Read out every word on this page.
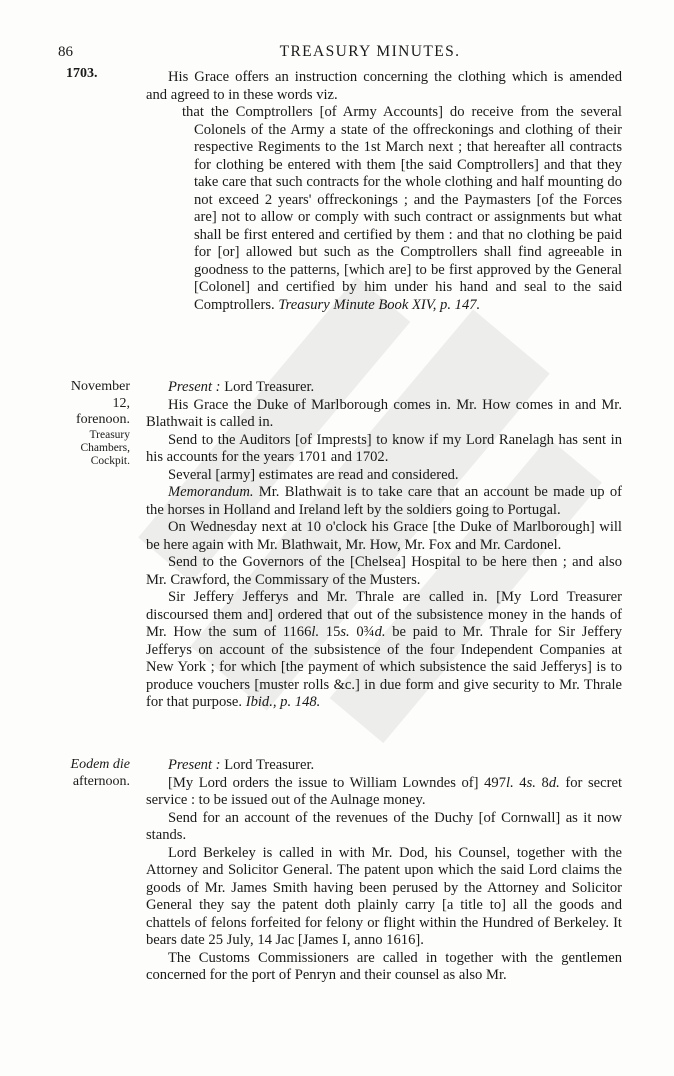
86	TREASURY MINUTES.
1703.	His Grace offers an instruction concerning the clothing which is amended and agreed to in these words viz.

that the Comptrollers [of Army Accounts] do receive from the several Colonels of the Army a state of the offreckonings and clothing of their respective Regiments to the 1st March next ; that hereafter all contracts for clothing be entered with them [the said Comptrollers] and that they take care that such contracts for the whole clothing and half mounting do not exceed 2 years' offreckonings ; and the Paymasters [of the Forces are] not to allow or comply with such contract or assignments but what shall be first entered and certified by them : and that no clothing be paid for [or] allowed but such as the Comptrollers shall find agreeable in goodness to the patterns, [which are] to be first approved by the General [Colonel] and certified by him under his hand and seal to the said Comptrollers. Treasury Minute Book XIV, p. 147.

November
12,
forenoon.
Treasury
Chambers,
Cockpit.

Present : Lord Treasurer.

His Grace the Duke of Marlborough comes in. Mr. How comes in and Mr. Blathwait is called in.

Send to the Auditors [of Imprests] to know if my Lord Ranelagh has sent in his accounts for the years 1701 and 1702.

Several [army] estimates are read and considered.

Memorandum. Mr. Blathwait is to take care that an account be made up of the horses in Holland and Ireland left by the soldiers going to Portugal.

On Wednesday next at 10 o'clock his Grace [the Duke of Marlborough] will be here again with Mr. Blathwait, Mr. How, Mr. Fox and Mr. Cardonel.

Send to the Governors of the [Chelsea] Hospital to be here then ; and also Mr. Crawford, the Commissary of the Musters.

Sir Jeffery Jefferys and Mr. Thrale are called in. [My Lord Treasurer discoursed them and] ordered that out of the subsistence money in the hands of Mr. How the sum of 1166l. 15s. 0¾d. be paid to Mr. Thrale for Sir Jeffery Jefferys on account of the subsistence of the four Independent Companies at New York ; for which [the payment of which subsistence the said Jefferys] is to produce vouchers [muster rolls &c.] in due form and give security to Mr. Thrale for that purpose. Ibid., p. 148.

Eodem die
afternoon.

Present : Lord Treasurer.

[My Lord orders the issue to William Lowndes of] 497l. 4s. 8d. for secret service : to be issued out of the Aulnage money.

Send for an account of the revenues of the Duchy [of Cornwall] as it now stands.

Lord Berkeley is called in with Mr. Dod, his Counsel, together with the Attorney and Solicitor General. The patent upon which the said Lord claims the goods of Mr. James Smith having been perused by the Attorney and Solicitor General they say the patent doth plainly carry [a title to] all the goods and chattels of felons forfeited for felony or flight within the Hundred of Berkeley. It bears date 25 July, 14 Jac [James I, anno 1616].

The Customs Commissioners are called in together with the gentlemen concerned for the port of Penryn and their counsel as also Mr.
